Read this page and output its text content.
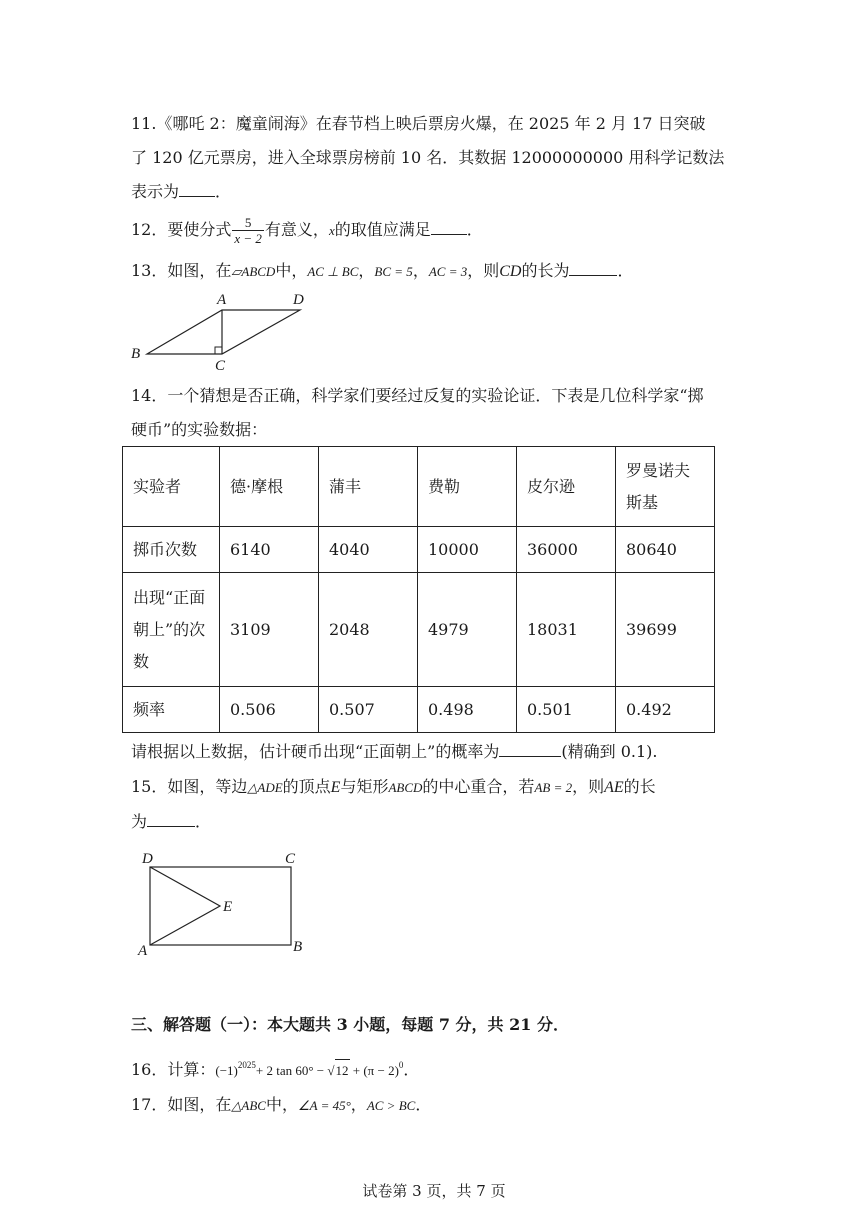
11.《哪吒 2：魔童闹海》在春节档上映后票房火爆，在 2025 年 2 月 17 日突破
了 120 亿元票房，进入全球票房榜前 10 名．其数据 12000000000 用科学记数法
表示为 ．
12．要使分式 $\frac{5}{x - 2}$ 有意义，x的取值应满足 ．
13．如图，在▱ABCD中，AC ⊥ BC，BC = 5，AC = 3，则CD的长为	．
A	D
B
C
14．一个猜想是否正确，科学家们要经过反复的实验论证．下表是几位科学家“掷
硬币”的实验数据：
实验者	德·摩根	蒲丰	费勒	皮尔逊	罗曼诺夫
斯基

掷币次数	6140	4040	10000	36000	80640

出现“正面
朝上”的次
数	3109	2048	4979	18031	39699
频率	0.506	0.507	0.498	0.501	0.492
请根据以上数据，估计硬币出现“正面朝上”的概率为	(精确到 0.1).
15．如图，等边△ADE的顶点E与矩形ABCD的中心重合，若AB = 2，则AE的长
为	．
D	C
E
A	B
三、解答题（一）：本大题共 3 小题，每题 7 分，共 21 分．
16．计算：$(-1)^{2025}+ 2$ $\tan 60^\circ - √12 + (\pi - 2)^0$．
17．如图，在△ABC中，∠A = 45°，AC > BC．
试卷第 3 页，共 7 页
